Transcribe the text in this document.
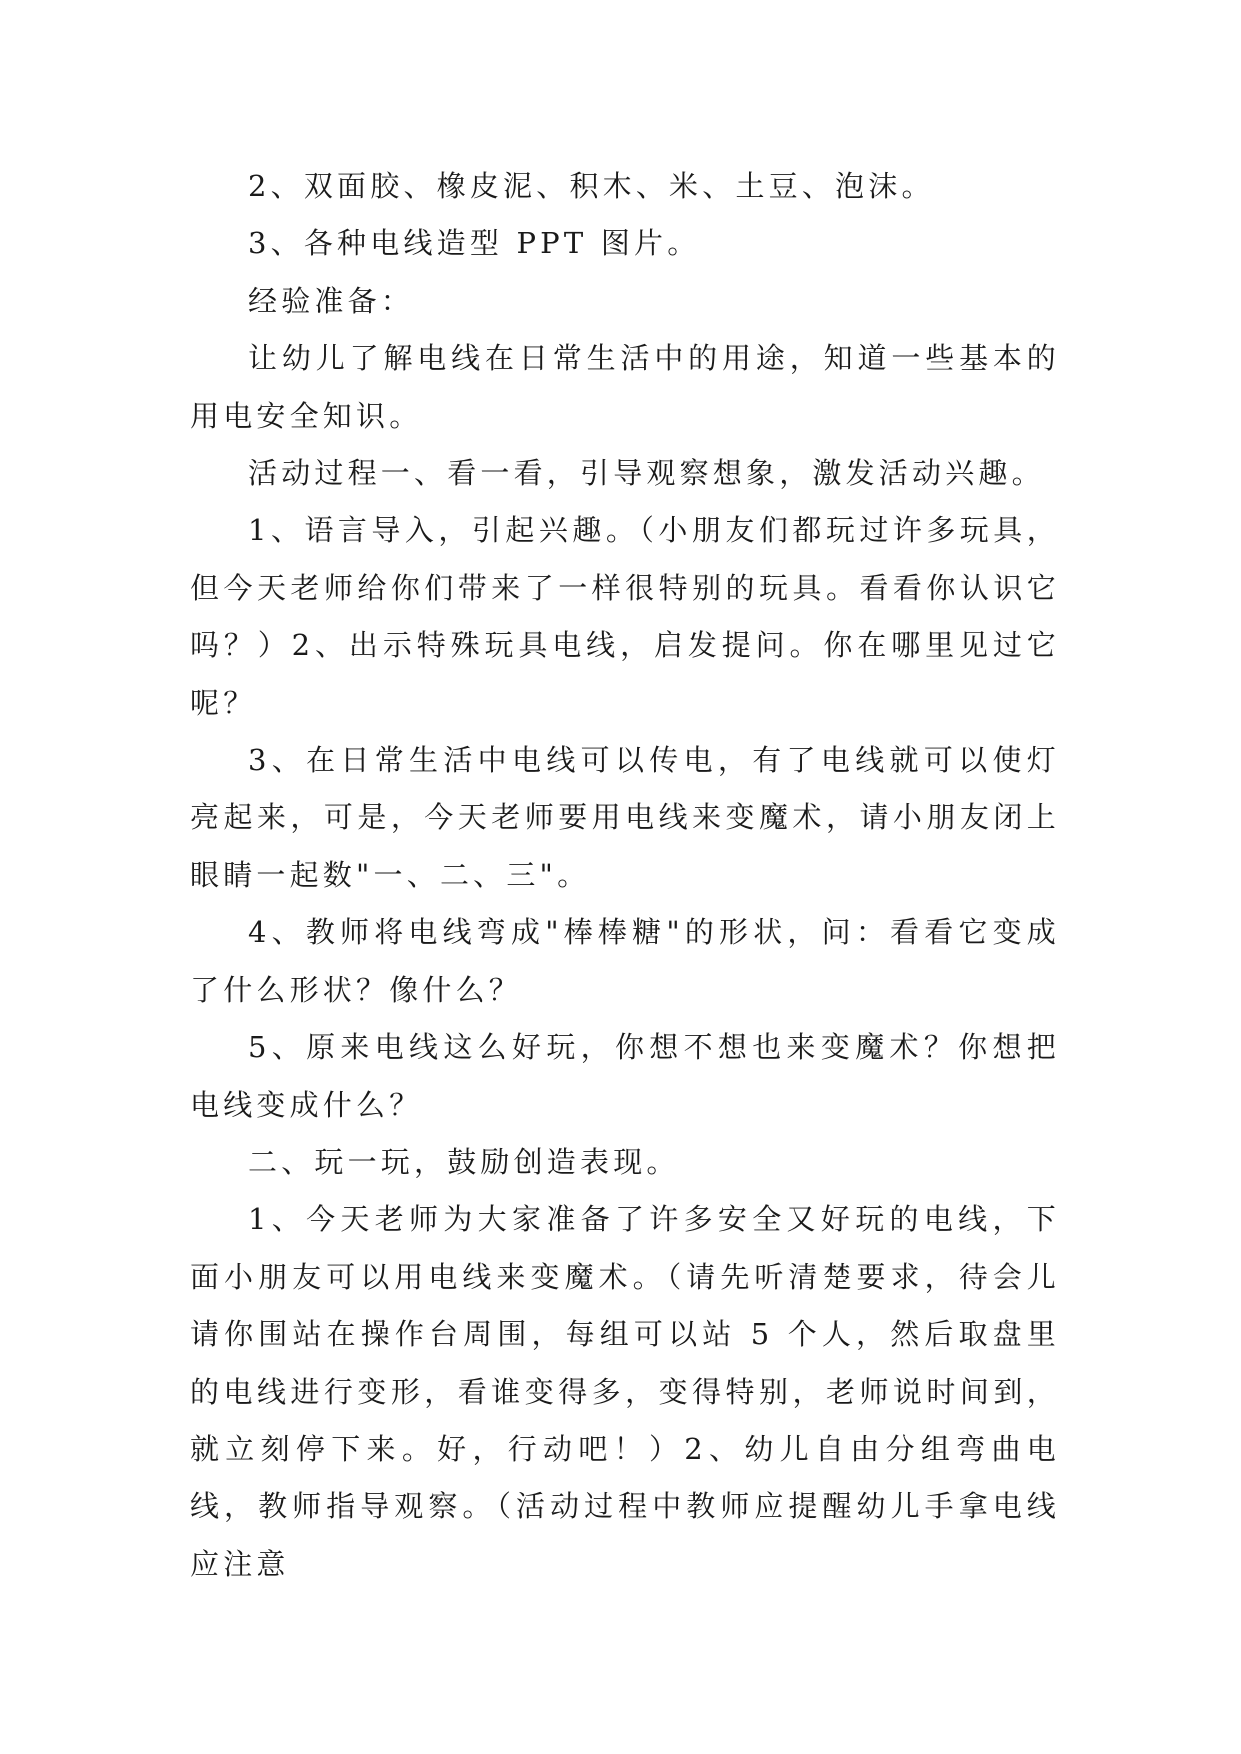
2、双面胶、橡皮泥、积木、米、土豆、泡沫。

3、各种电线造型 PPT 图片。

经验准备：

让幼儿了解电线在日常生活中的用途，知道一些基本的用电安全知识。

活动过程一、看一看，引导观察想象，激发活动兴趣。

1、语言导入，引起兴趣。（小朋友们都玩过许多玩具，但今天老师给你们带来了一样很特别的玩具。看看你认识它吗？）2、出示特殊玩具电线，启发提问。你在哪里见过它呢？

3、在日常生活中电线可以传电，有了电线就可以使灯亮起来，可是，今天老师要用电线来变魔术，请小朋友闭上眼睛一起数"一、二、三"。

4、教师将电线弯成"棒棒糖"的形状，问：看看它变成了什么形状？像什么？

5、原来电线这么好玩，你想不想也来变魔术？你想把电线变成什么？

二、玩一玩，鼓励创造表现。

1、今天老师为大家准备了许多安全又好玩的电线，下面小朋友可以用电线来变魔术。（请先听清楚要求，待会儿请你围站在操作台周围，每组可以站 5 个人，然后取盘里的电线进行变形，看谁变得多，变得特别，老师说时间到，就立刻停下来。好，行动吧！）2、幼儿自由分组弯曲电线，教师指导观察。（活动过程中教师应提醒幼儿手拿电线应注意
